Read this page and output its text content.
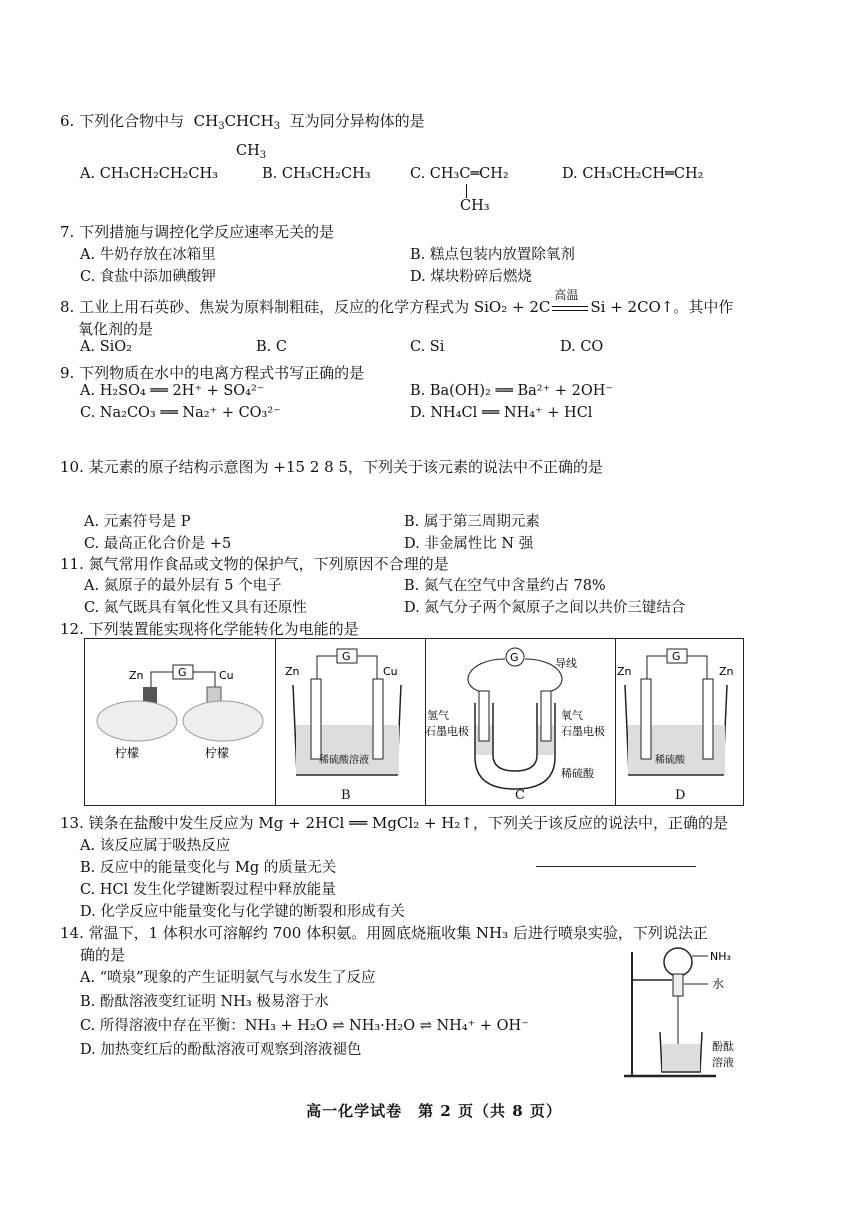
6. 下列化合物中与 $CH_3CHCH_3$ 互为同分异构体的是
$CH_3$
A. CH₃CH₂CH₂CH₃	B. CH₃CH₂CH₃	C. CH₃C═CH₂
CH₃
D. CH₃CH₂CH═CH₂
7. 下列措施与调控化学反应速率无关的是
A. 牛奶存放在冰箱里	B. 糕点包装内放置除氧剂
C. 食盐中添加碘酸钾	D. 煤块粉碎后燃烧
8. 工业上用石英砂、焦炭为原料制粗硅，反应的化学方程式为 SiO₂ + 2C
高温
Si + 2CO↑。其中作
氧化剂的是
A. SiO₂	B. C	C. Si	D. CO
9. 下列物质在水中的电离方程式书写正确的是
A. H₂SO₄ ══ 2H⁺ + SO₄²⁻	B. Ba(OH)₂ ══ Ba²⁺ + 2OH⁻
C. Na₂CO₃ ══ Na₂⁺ + CO₃²⁻	D. NH₄Cl ══ NH₄⁺ + HCl
10. 某元素的原子结构示意图为 +15 2 8 5，下列关于该元素的说法中不正确的是
A. 元素符号是 P	B. 属于第三周期元素
C. 最高正化合价是 +5	D. 非金属性比 N 强
11. 氮气常用作食品或文物的保护气，下列原因不合理的是
A. 氮原子的最外层有 5 个电子	B. 氮气在空气中含量约占 78%
C. 氮气既具有氧化性又具有还原性	D. 氮气分子两个氮原子之间以共价三键结合
12. 下列装置能实现将化学能转化为电能的是
G
Zn	Cu
柠檬	柠檬
G
Zn	Cu
稀硫酸溶液
B
G	导线
氢气
石墨电极
氧气
石墨电极
稀硫酸
C
G
Zn	Zn
稀硫酸
D
13. 镁条在盐酸中发生反应为 Mg + 2HCl ══ MgCl₂ + H₂↑，下列关于该反应的说法中，正确的是
A. 该反应属于吸热反应
B. 反应中的能量变化与 Mg 的质量无关
C. HCl 发生化学键断裂过程中释放能量
D. 化学反应中能量变化与化学键的断裂和形成有关
14. 常温下，1 体积水可溶解约 700 体积氨。用圆底烧瓶收集 NH₃ 后进行喷泉实验，下列说法正
确的是
A. “喷泉”现象的产生证明氨气与水发生了反应
B. 酚酞溶液变红证明 NH₃ 极易溶于水
C. 所得溶液中存在平衡：NH₃ + H₂O ⇌ NH₃·H₂O ⇌ NH₄⁺ + OH⁻
D. 加热变红后的酚酞溶液可观察到溶液褪色
NH₃
水
酚酞
溶液
高一化学试卷　第 2 页（共 8 页）
